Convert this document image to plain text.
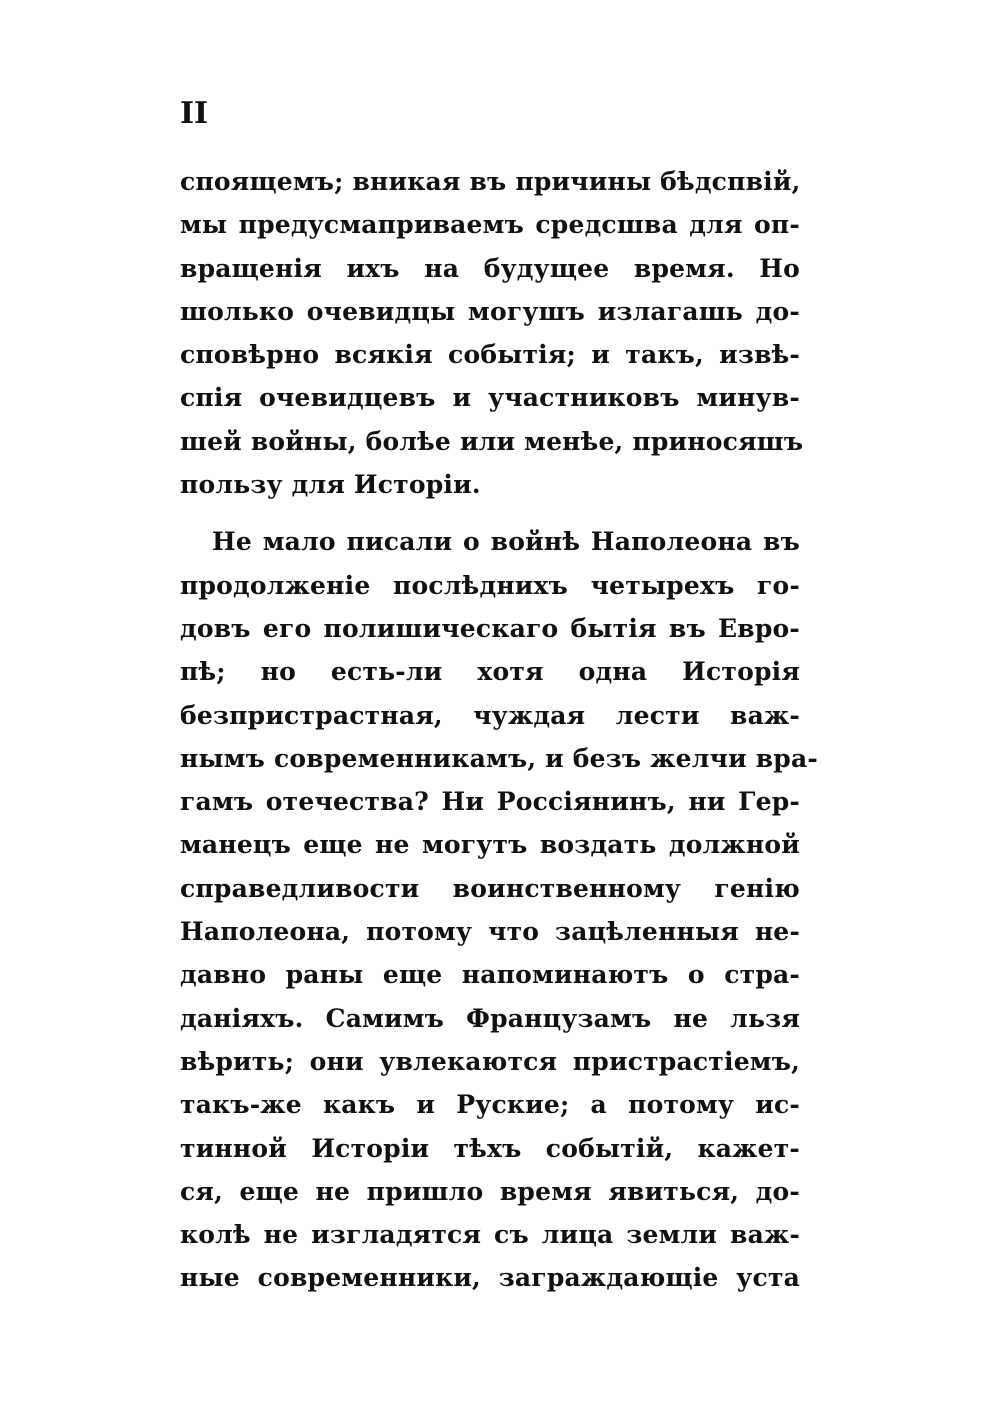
II

споящемъ; вникая въ причины бѣдспвій,
мы предусмапривaемъ средсшва для оп-
вращенія ихъ на будущее время. Но
шолько очевидцы могушъ излагашь до-
сповѣрно всякія событія; и такъ, извѣ-
спія очевидцевъ и участниковъ минув-
шей войны, болѣе или менѣе, приносяшъ
пользу для Исторіи.
Не мало писали о войнѣ Наполеона въ
продолженіе послѣднихъ четырехъ го-
довъ его полишическаго бытія въ Евро-
пѣ; но есть-ли хотя одна Исторія
безпристрастная, чуждая лести важ-
нымъ современникамъ, и безъ желчи вра-
гамъ отечества? Ни Россіянинъ, ни Гер-
манецъ еще не могутъ воздать должной
справедливости воинственному генію
Наполеона, потому что зацѣленныя не-
давно раны еще напоминаютъ о стра-
даніяхъ. Самимъ Французамъ не льзя
вѣрить; они увлекаются пристрастіемъ,
такъ-же какъ и Руские; а потому ис-
тинной Исторіи тѣхъ событій, кажет-
ся, еще не пришло время явиться, до-
колѣ не изгладятся съ лица земли важ-
ные современники, заграждающіе уста
